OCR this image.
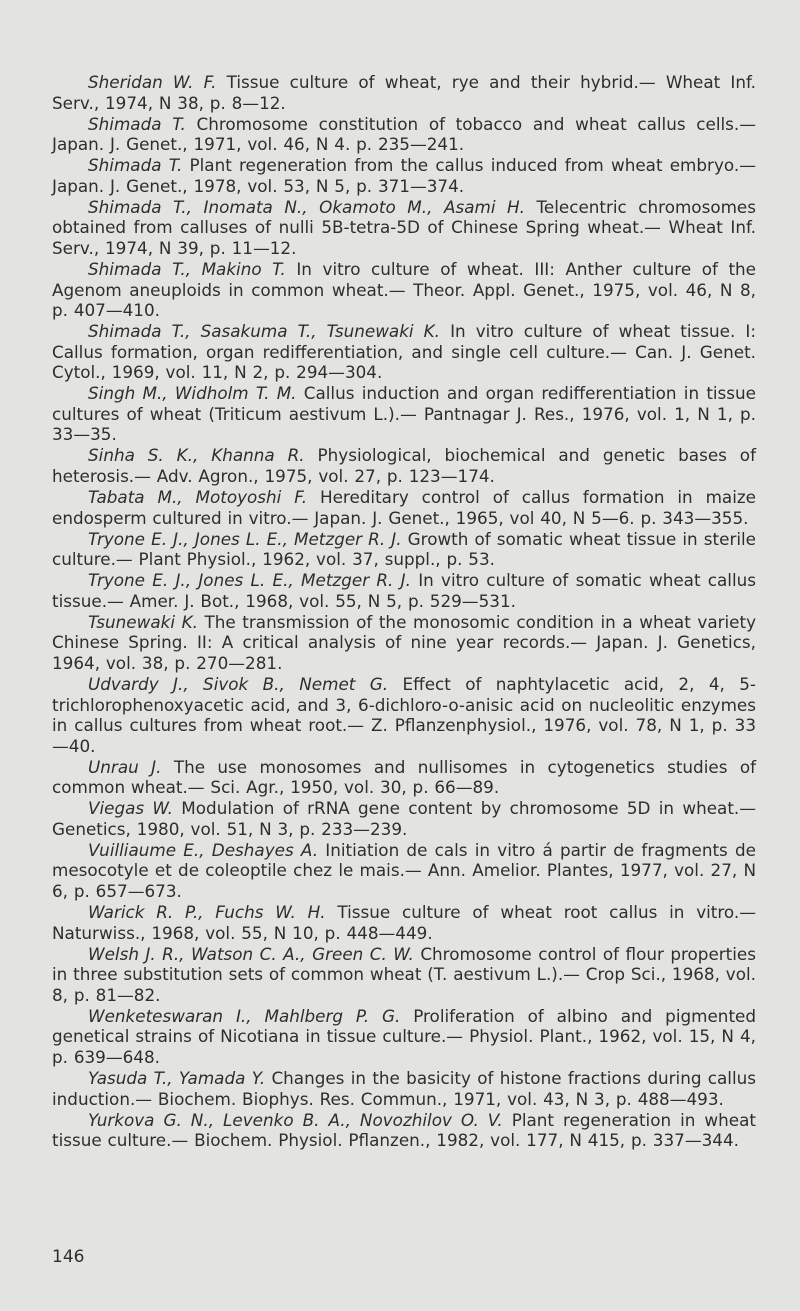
Sheridan W. F. Tissue culture of wheat, rye and their hybrid.— Wheat Inf. Serv., 1974, N 38, p. 8—12.

Shimada T. Chromosome constitution of tobacco and wheat callus cells.— Japan. J. Genet., 1971, vol. 46, N 4. p. 235—241.

Shimada T. Plant regeneration from the callus induced from wheat embryo.— Japan. J. Genet., 1978, vol. 53, N 5, p. 371—374.

Shimada T., Inomata N., Okamoto M., Asami H. Telecentric chromosomes obtained from calluses of nulli 5B-tetra-5D of Chinese Spring wheat.— Wheat Inf. Serv., 1974, N 39, p. 11—12.

Shimada T., Makino T. In vitro culture of wheat. III: Anther culture of the Agenom aneuploids in common wheat.— Theor. Appl. Genet., 1975, vol. 46, N 8, p. 407—410.

Shimada T., Sasakuma T., Tsunewaki K. In vitro culture of wheat tissue. I: Callus formation, organ redifferentiation, and single cell culture.— Can. J. Genet. Cytol., 1969, vol. 11, N 2, p. 294—304.

Singh M., Widholm T. M. Callus induction and organ redifferentiation in tissue cultures of wheat (Triticum aestivum L.).— Pantnagar J. Res., 1976, vol. 1, N 1, p. 33—35.

Sinha S. K., Khanna R. Physiological, biochemical and genetic bases of heterosis.— Adv. Agron., 1975, vol. 27, p. 123—174.

Tabata M., Motoyoshi F. Hereditary control of callus formation in maize endosperm cultured in vitro.— Japan. J. Genet., 1965, vol 40, N 5—6. p. 343—355.

Tryone E. J., Jones L. E., Metzger R. J. Growth of somatic wheat tissue in sterile culture.— Plant Physiol., 1962, vol. 37, suppl., p. 53.

Tryone E. J., Jones L. E., Metzger R. J. In vitro culture of somatic wheat callus tissue.— Amer. J. Bot., 1968, vol. 55, N 5, p. 529—531.

Tsunewaki K. The transmission of the monosomic condition in a wheat variety Chinese Spring. II: A critical analysis of nine year records.— Japan. J. Genetics, 1964, vol. 38, p. 270—281.

Udvardy J., Sivok B., Nemet G. Effect of naphtylacetic acid, 2, 4, 5-trichlorophenoxyacetic acid, and 3, 6-dichloro-o-anisic acid on nucleolitic enzymes in callus cultures from wheat root.— Z. Pflanzenphysiol., 1976, vol. 78, N 1, p. 33—40.

Unrau J. The use monosomes and nullisomes in cytogenetics studies of common wheat.— Sci. Agr., 1950, vol. 30, p. 66—89.

Viegas W. Modulation of rRNA gene content by chromosome 5D in wheat.— Genetics, 1980, vol. 51, N 3, p. 233—239.

Vuilliaume E., Deshayes A. Initiation de cals in vitro á partir de fragments de mesocotyle et de coleoptile chez le mais.— Ann. Amelior. Plantes, 1977, vol. 27, N 6, p. 657—673.

Warick R. P., Fuchs W. H. Tissue culture of wheat root callus in vitro.— Naturwiss., 1968, vol. 55, N 10, p. 448—449.

Welsh J. R., Watson C. A., Green C. W. Chromosome control of flour properties in three substitution sets of common wheat (T. aestivum L.).— Crop Sci., 1968, vol. 8, p. 81—82.

Wenketeswaran I., Mahlberg P. G. Proliferation of albino and pigmented genetical strains of Nicotiana in tissue culture.— Physiol. Plant., 1962, vol. 15, N 4, p. 639—648.

Yasuda T., Yamada Y. Changes in the basicity of histone fractions during callus induction.— Biochem. Biophys. Res. Commun., 1971, vol. 43, N 3, p. 488—493.

Yurkova G. N., Levenko B. A., Novozhilov O. V. Plant regeneration in wheat tissue culture.— Biochem. Physiol. Pflanzen., 1982, vol. 177, N 415, p. 337—344.

146
